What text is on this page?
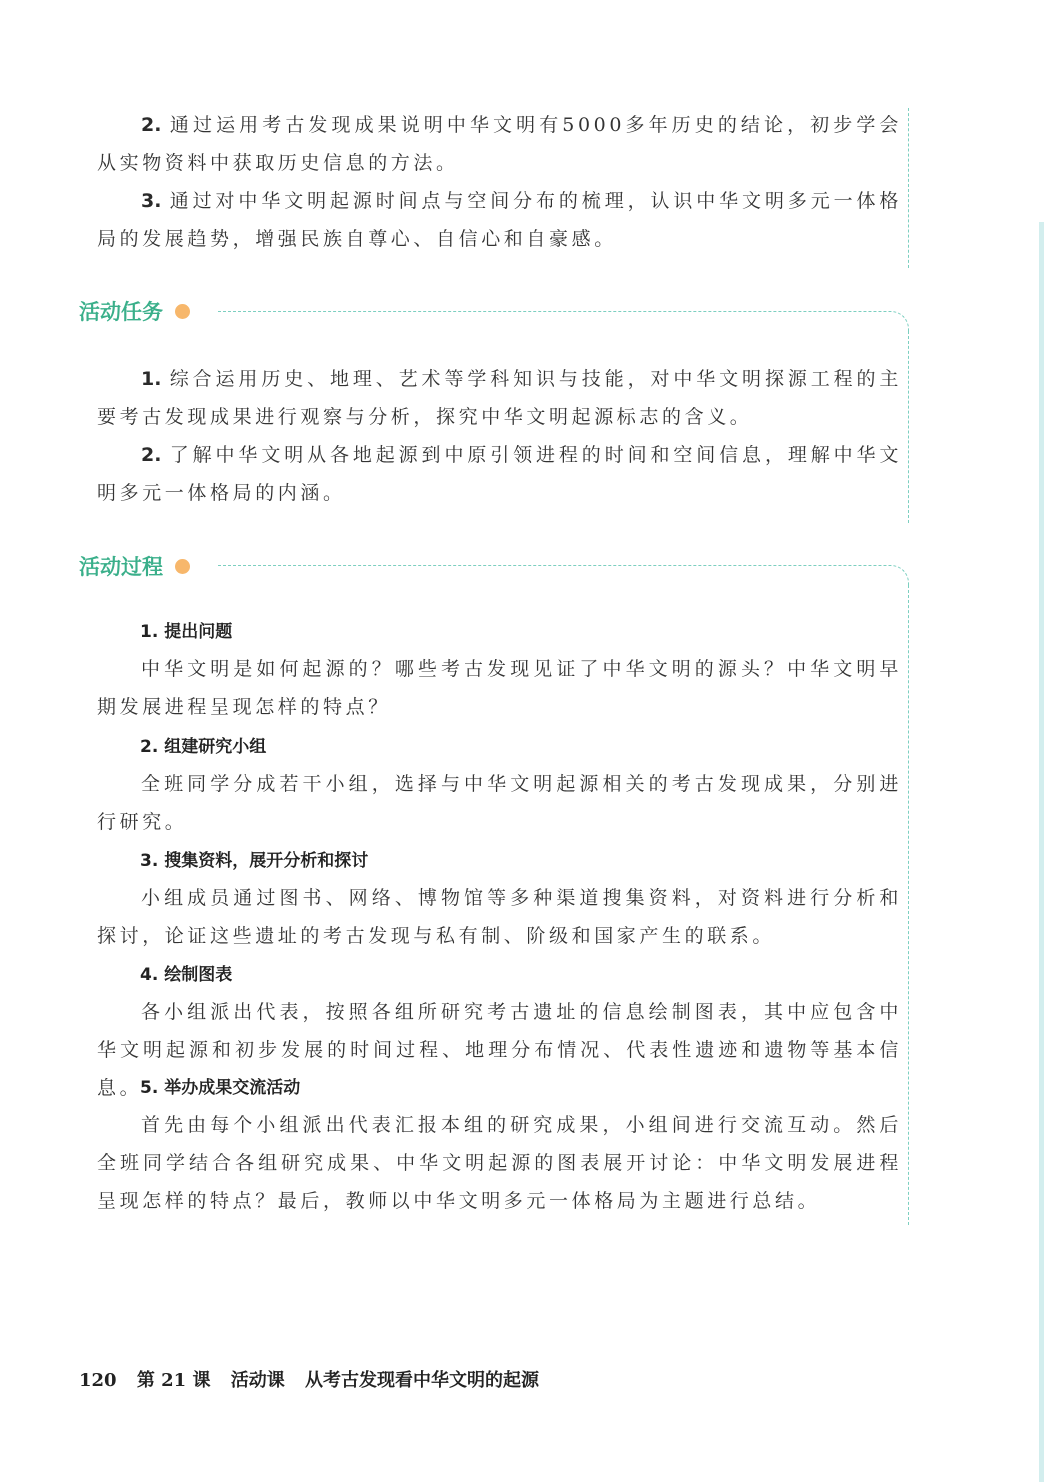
2. 通过运用考古发现成果说明中华文明有5000多年历史的结论，初步学会从实物资料中获取历史信息的方法。

3. 通过对中华文明起源时间点与空间分布的梳理，认识中华文明多元一体格局的发展趋势，增强民族自尊心、自信心和自豪感。

活动任务

1. 综合运用历史、地理、艺术等学科知识与技能，对中华文明探源工程的主要考古发现成果进行观察与分析，探究中华文明起源标志的含义。

2. 了解中华文明从各地起源到中原引领进程的时间和空间信息，理解中华文明多元一体格局的内涵。

活动过程
1. 提出问题

中华文明是如何起源的？哪些考古发现见证了中华文明的源头？中华文明早期发展进程呈现怎样的特点？

2. 组建研究小组

全班同学分成若干小组，选择与中华文明起源相关的考古发现成果，分别进行研究。

3. 搜集资料，展开分析和探讨

小组成员通过图书、网络、博物馆等多种渠道搜集资料，对资料进行分析和探讨，论证这些遗址的考古发现与私有制、阶级和国家产生的联系。

4. 绘制图表

各小组派出代表，按照各组所研究考古遗址的信息绘制图表，其中应包含中华文明起源和初步发展的时间过程、地理分布情况、代表性遗迹和遗物等基本信息。

5. 举办成果交流活动

首先由每个小组派出代表汇报本组的研究成果，小组间进行交流互动。然后全班同学结合各组研究成果、中华文明起源的图表展开讨论：中华文明发展进程呈现怎样的特点？最后，教师以中华文明多元一体格局为主题进行总结。

120 第 21 课 活动课 从考古发现看中华文明的起源
